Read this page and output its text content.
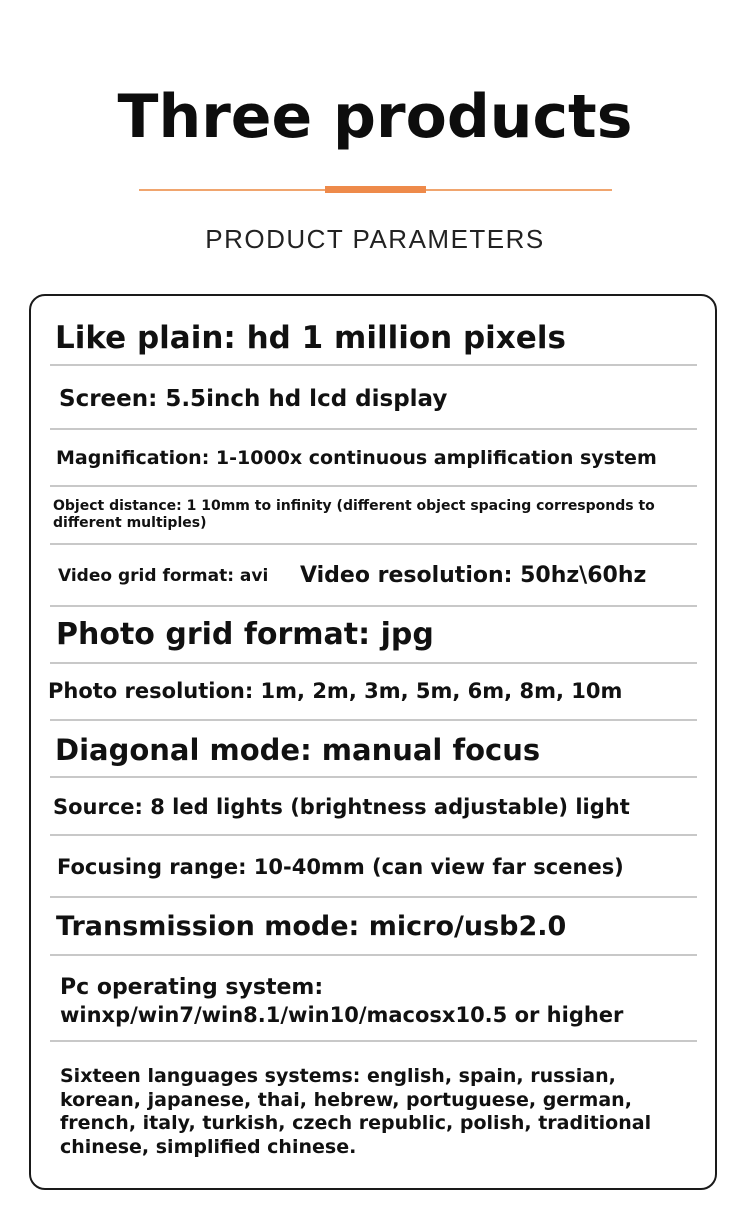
Three products
PRODUCT PARAMETERS
Like plain: hd 1 million pixels
Screen: 5.5inch hd lcd display
Magnification: 1-1000x continuous amplification system
Object distance: 1 10mm to infinity (different object spacing corresponds to different multiples)
Video grid format: avi	Video resolution: 50hz\60hz
Photo grid format: jpg
Photo resolution: 1m, 2m, 3m, 5m, 6m, 8m, 10m
Diagonal mode: manual focus
Source: 8 led lights (brightness adjustable) light
Focusing range: 10-40mm (can view far scenes)
Transmission mode: micro/usb2.0
Pc operating system:
winxp/win7/win8.1/win10/macosx10.5 or higher
Sixteen languages systems: english, spain, russian, korean, japanese, thai, hebrew, portuguese, german, french, italy, turkish, czech republic, polish, traditional chinese, simplified chinese.
